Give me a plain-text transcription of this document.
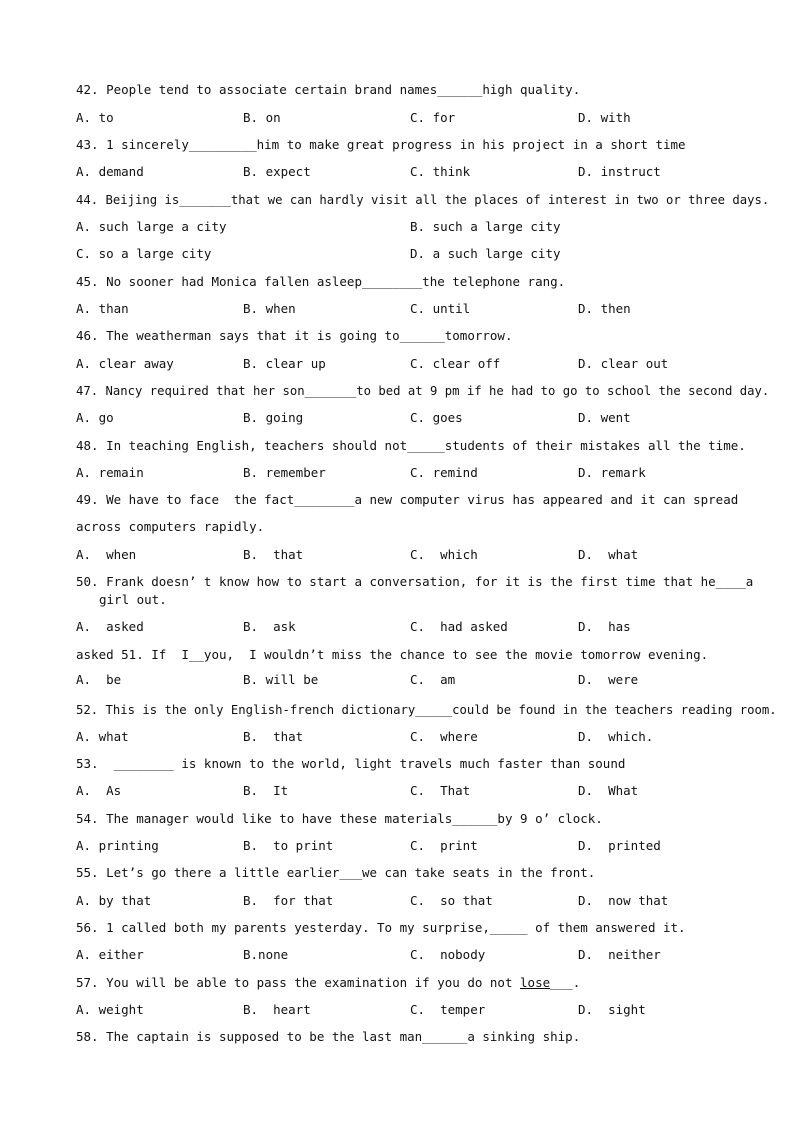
42. People tend to associate certain brand names______high quality.
A. to	B. on	C. for	D. with
43. 1 sincerely_________him to make great progress in his project in a short time
A. demand	B. expect	C. think	D. instruct
44. Beijing is_______that we can hardly visit all the places of interest in two or three days.
A. such large a city	B. such a large city
C. so a large city	D. a such large city
45. No sooner had Monica fallen asleep________the telephone rang.
A. than	B. when	C. until	D. then
46. The weatherman says that it is going to______tomorrow.
A. clear away	B. clear up	C. clear off	D. clear out
47. Nancy required that her son_______to bed at 9 pm if he had to go to school the second day.
A. go	B. going	C. goes	D. went
48. In teaching English, teachers should not_____students of their mistakes all the time.
A. remain	B. remember	C. remind	D. remark
49. We have to face  the fact________a new computer virus has appeared and it can spread
across computers rapidly.
A.  when	B.  that	C.  which	D.  what
50. Frank doesn’ t know how to start a conversation, for it is the first time that he____a
girl out.
A.  asked	B.  ask	C.  had asked	D.  has
asked 51. If  I__you,  I wouldn’t miss the chance to see the movie tomorrow evening.
A.  be	B. will be	C.  am	D.  were
52. This is the only English-french dictionary_____could be found in the teachers reading room.
A. what	B.  that	C.  where	D.  which.
53.  ________ is known to the world, light travels much faster than sound
A.  As	B.  It	C.  That	D.  What
54. The manager would like to have these materials______by 9 o’ clock.
A. printing	B.  to print	C.  print	D.  printed
55. Let’s go there a little earlier___we can take seats in the front.
A. by that	B.  for that	C.  so that	D.  now that
56. 1 called both my parents yesterday. To my surprise,_____ of them answered it.
A. either	B.none	C.  nobody	D.  neither
57. You will be able to pass the examination if you do not lose___.
A. weight	B.  heart	C.  temper	D.  sight
58. The captain is supposed to be the last man______a sinking ship.
